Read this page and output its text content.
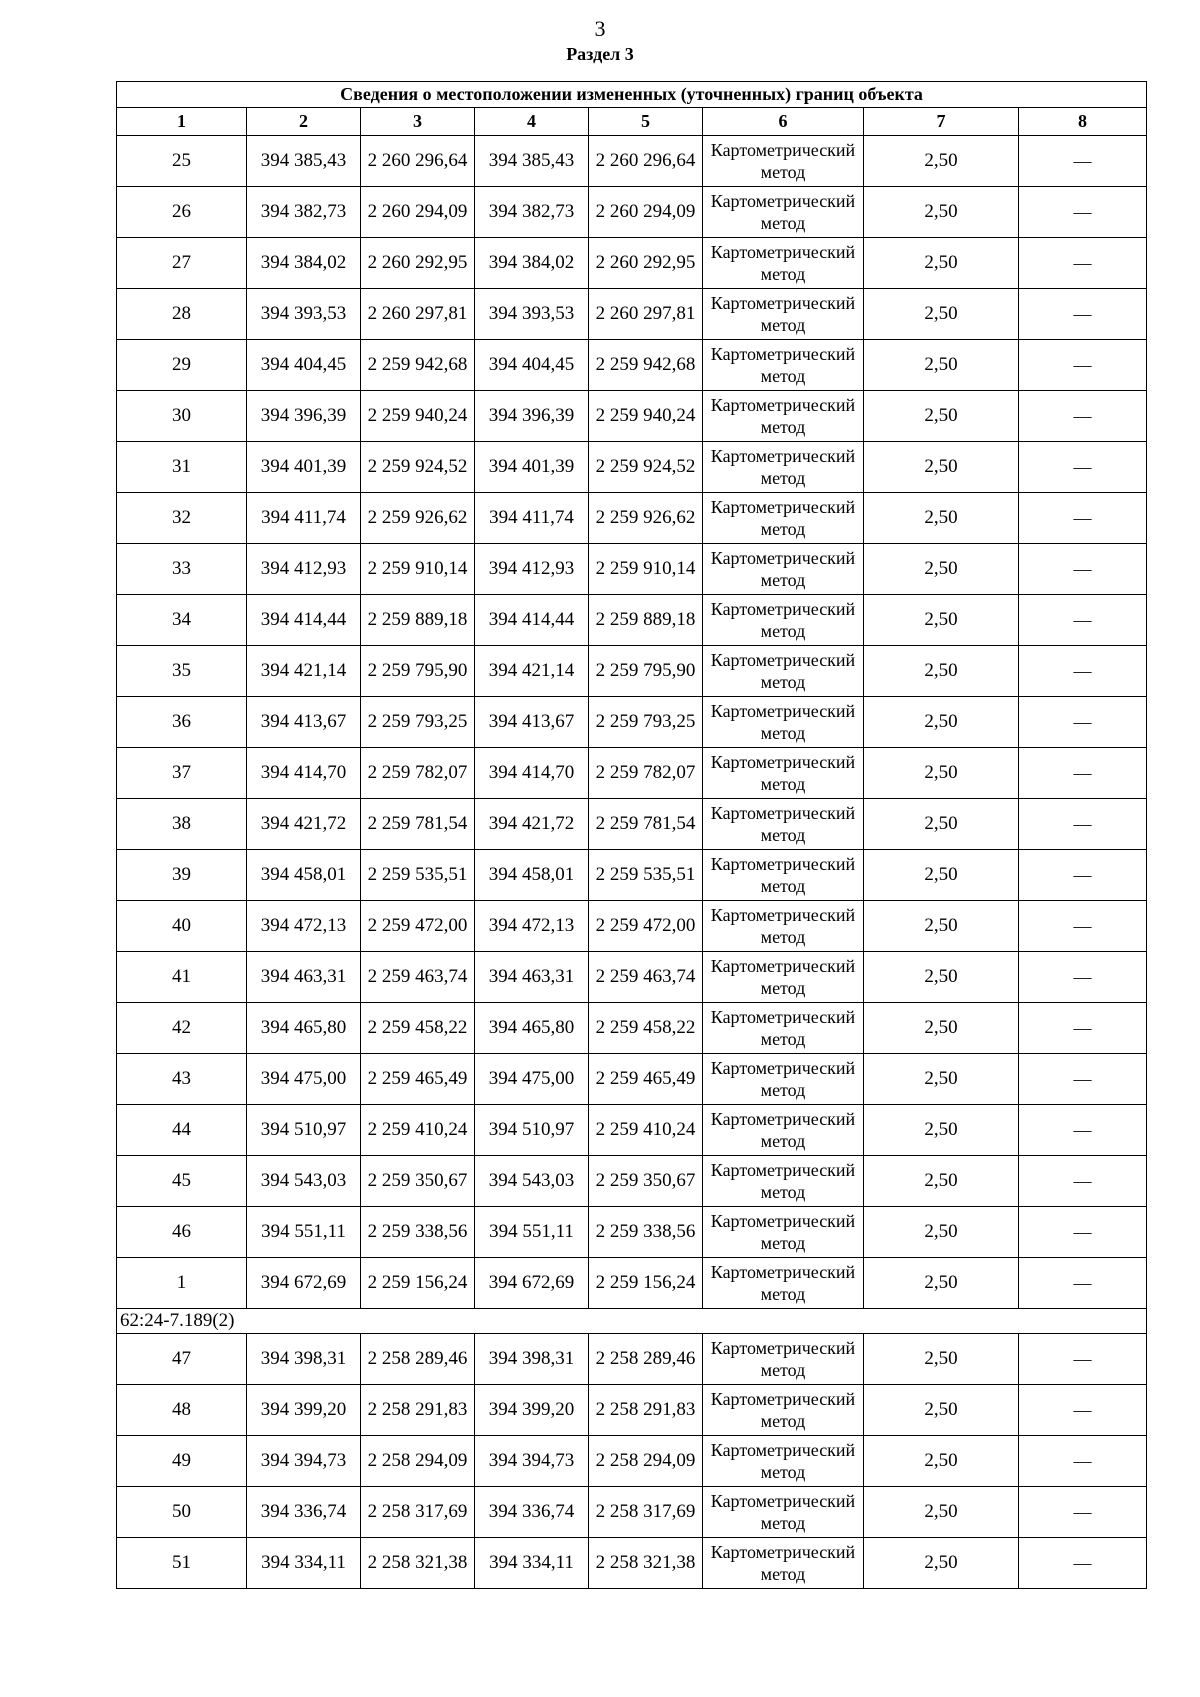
3
Раздел 3
Сведения о местоположении измененных (уточненных) границ объекта							
1	2	3	4	5	6	7	8
25	394 385,43	2 260 296,64	394 385,43	2 260 296,64	Картометрический метод	2,50	—
26	394 382,73	2 260 294,09	394 382,73	2 260 294,09	Картометрический метод	2,50	—
27	394 384,02	2 260 292,95	394 384,02	2 260 292,95	Картометрический метод	2,50	—
28	394 393,53	2 260 297,81	394 393,53	2 260 297,81	Картометрический метод	2,50	—
29	394 404,45	2 259 942,68	394 404,45	2 259 942,68	Картометрический метод	2,50	—
30	394 396,39	2 259 940,24	394 396,39	2 259 940,24	Картометрический метод	2,50	—
31	394 401,39	2 259 924,52	394 401,39	2 259 924,52	Картометрический метод	2,50	—
32	394 411,74	2 259 926,62	394 411,74	2 259 926,62	Картометрический метод	2,50	—
33	394 412,93	2 259 910,14	394 412,93	2 259 910,14	Картометрический метод	2,50	—
34	394 414,44	2 259 889,18	394 414,44	2 259 889,18	Картометрический метод	2,50	—
35	394 421,14	2 259 795,90	394 421,14	2 259 795,90	Картометрический метод	2,50	—
36	394 413,67	2 259 793,25	394 413,67	2 259 793,25	Картометрический метод	2,50	—
37	394 414,70	2 259 782,07	394 414,70	2 259 782,07	Картометрический метод	2,50	—
38	394 421,72	2 259 781,54	394 421,72	2 259 781,54	Картометрический метод	2,50	—
39	394 458,01	2 259 535,51	394 458,01	2 259 535,51	Картометрический метод	2,50	—
40	394 472,13	2 259 472,00	394 472,13	2 259 472,00	Картометрический метод	2,50	—
41	394 463,31	2 259 463,74	394 463,31	2 259 463,74	Картометрический метод	2,50	—
42	394 465,80	2 259 458,22	394 465,80	2 259 458,22	Картометрический метод	2,50	—
43	394 475,00	2 259 465,49	394 475,00	2 259 465,49	Картометрический метод	2,50	—
44	394 510,97	2 259 410,24	394 510,97	2 259 410,24	Картометрический метод	2,50	—
45	394 543,03	2 259 350,67	394 543,03	2 259 350,67	Картометрический метод	2,50	—
46	394 551,11	2 259 338,56	394 551,11	2 259 338,56	Картометрический метод	2,50	—
1	394 672,69	2 259 156,24	394 672,69	2 259 156,24	Картометрический метод	2,50	—
62:24-7.189(2)							
47	394 398,31	2 258 289,46	394 398,31	2 258 289,46	Картометрический метод	2,50	—
48	394 399,20	2 258 291,83	394 399,20	2 258 291,83	Картометрический метод	2,50	—
49	394 394,73	2 258 294,09	394 394,73	2 258 294,09	Картометрический метод	2,50	—
50	394 336,74	2 258 317,69	394 336,74	2 258 317,69	Картометрический метод	2,50	—
51	394 334,11	2 258 321,38	394 334,11	2 258 321,38	Картометрический метод	2,50	—
